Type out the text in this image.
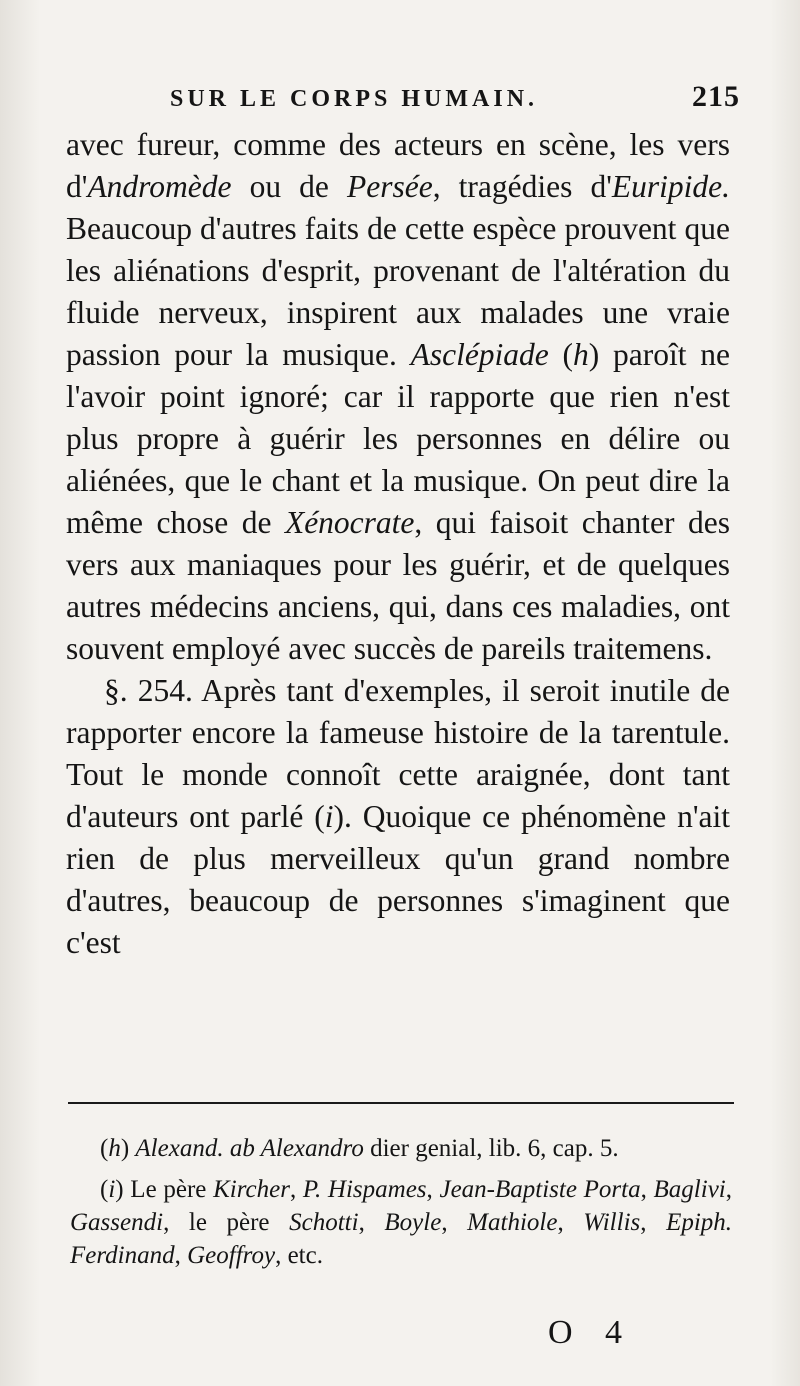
SUR LE CORPS HUMAIN.	215

avec fureur, comme des acteurs en scène, les vers d'Andromède ou de Persée, tragédies d'Euripide. Beaucoup d'autres faits de cette espèce prouvent que les aliénations d'esprit, provenant de l'altération du fluide nerveux, inspirent aux malades une vraie passion pour la musique. Asclépiade (h) paroît ne l'avoir point ignoré; car il rapporte que rien n'est plus propre à guérir les personnes en délire ou aliénées, que le chant et la musique. On peut dire la même chose de Xénocrate, qui faisoit chanter des vers aux maniaques pour les guérir, et de quelques autres médecins anciens, qui, dans ces maladies, ont souvent employé avec succès de pareils traitemens.

§. 254. Après tant d'exemples, il seroit inutile de rapporter encore la fameuse histoire de la tarentule. Tout le monde connoît cette araignée, dont tant d'auteurs ont parlé (i). Quoique ce phénomène n'ait rien de plus merveilleux qu'un grand nombre d'autres, beaucoup de personnes s'imaginent que c'est

(h) Alexand. ab Alexandro dier genial, lib. 6, cap. 5.

(i) Le père Kircher, P. Hispames, Jean-Baptiste Porta, Baglivi, Gassendi, le père Schotti, Boyle, Mathiole, Willis, Epiph. Ferdinand, Geoffroy, etc.

O 4
